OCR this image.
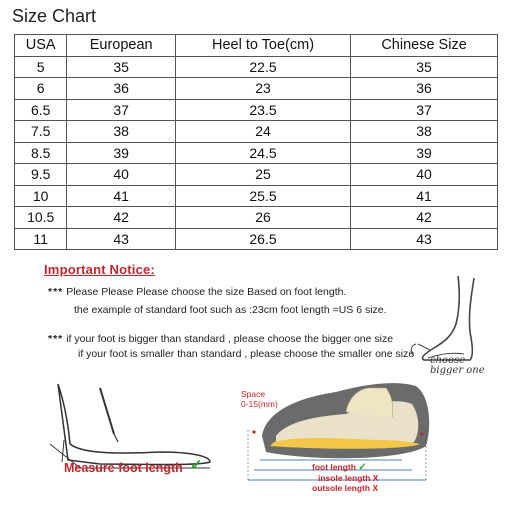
Size Chart
USA	European	Heel to Toe(cm)	Chinese Size
5	35	22.5	35
6	36	23	36
6.5	37	23.5	37
7.5	38	24	38
8.5	39	24.5	39
9.5	40	25	40
10	41	25.5	41
10.5	42	26	42
11	43	26.5	43
Important Notice:
*** Please Please Please choose the size Based on foot length.
the example of standard foot such as :23cm foot length =US 6 size.
*** if your foot is bigger than standard , please choose the bigger one size
if your foot is smaller than standard , please choose the smaller one size
choose
bigger one
Measure foot length ✓
Space
0-15(mm)
foot length ✓
insole length X
outsole length X
